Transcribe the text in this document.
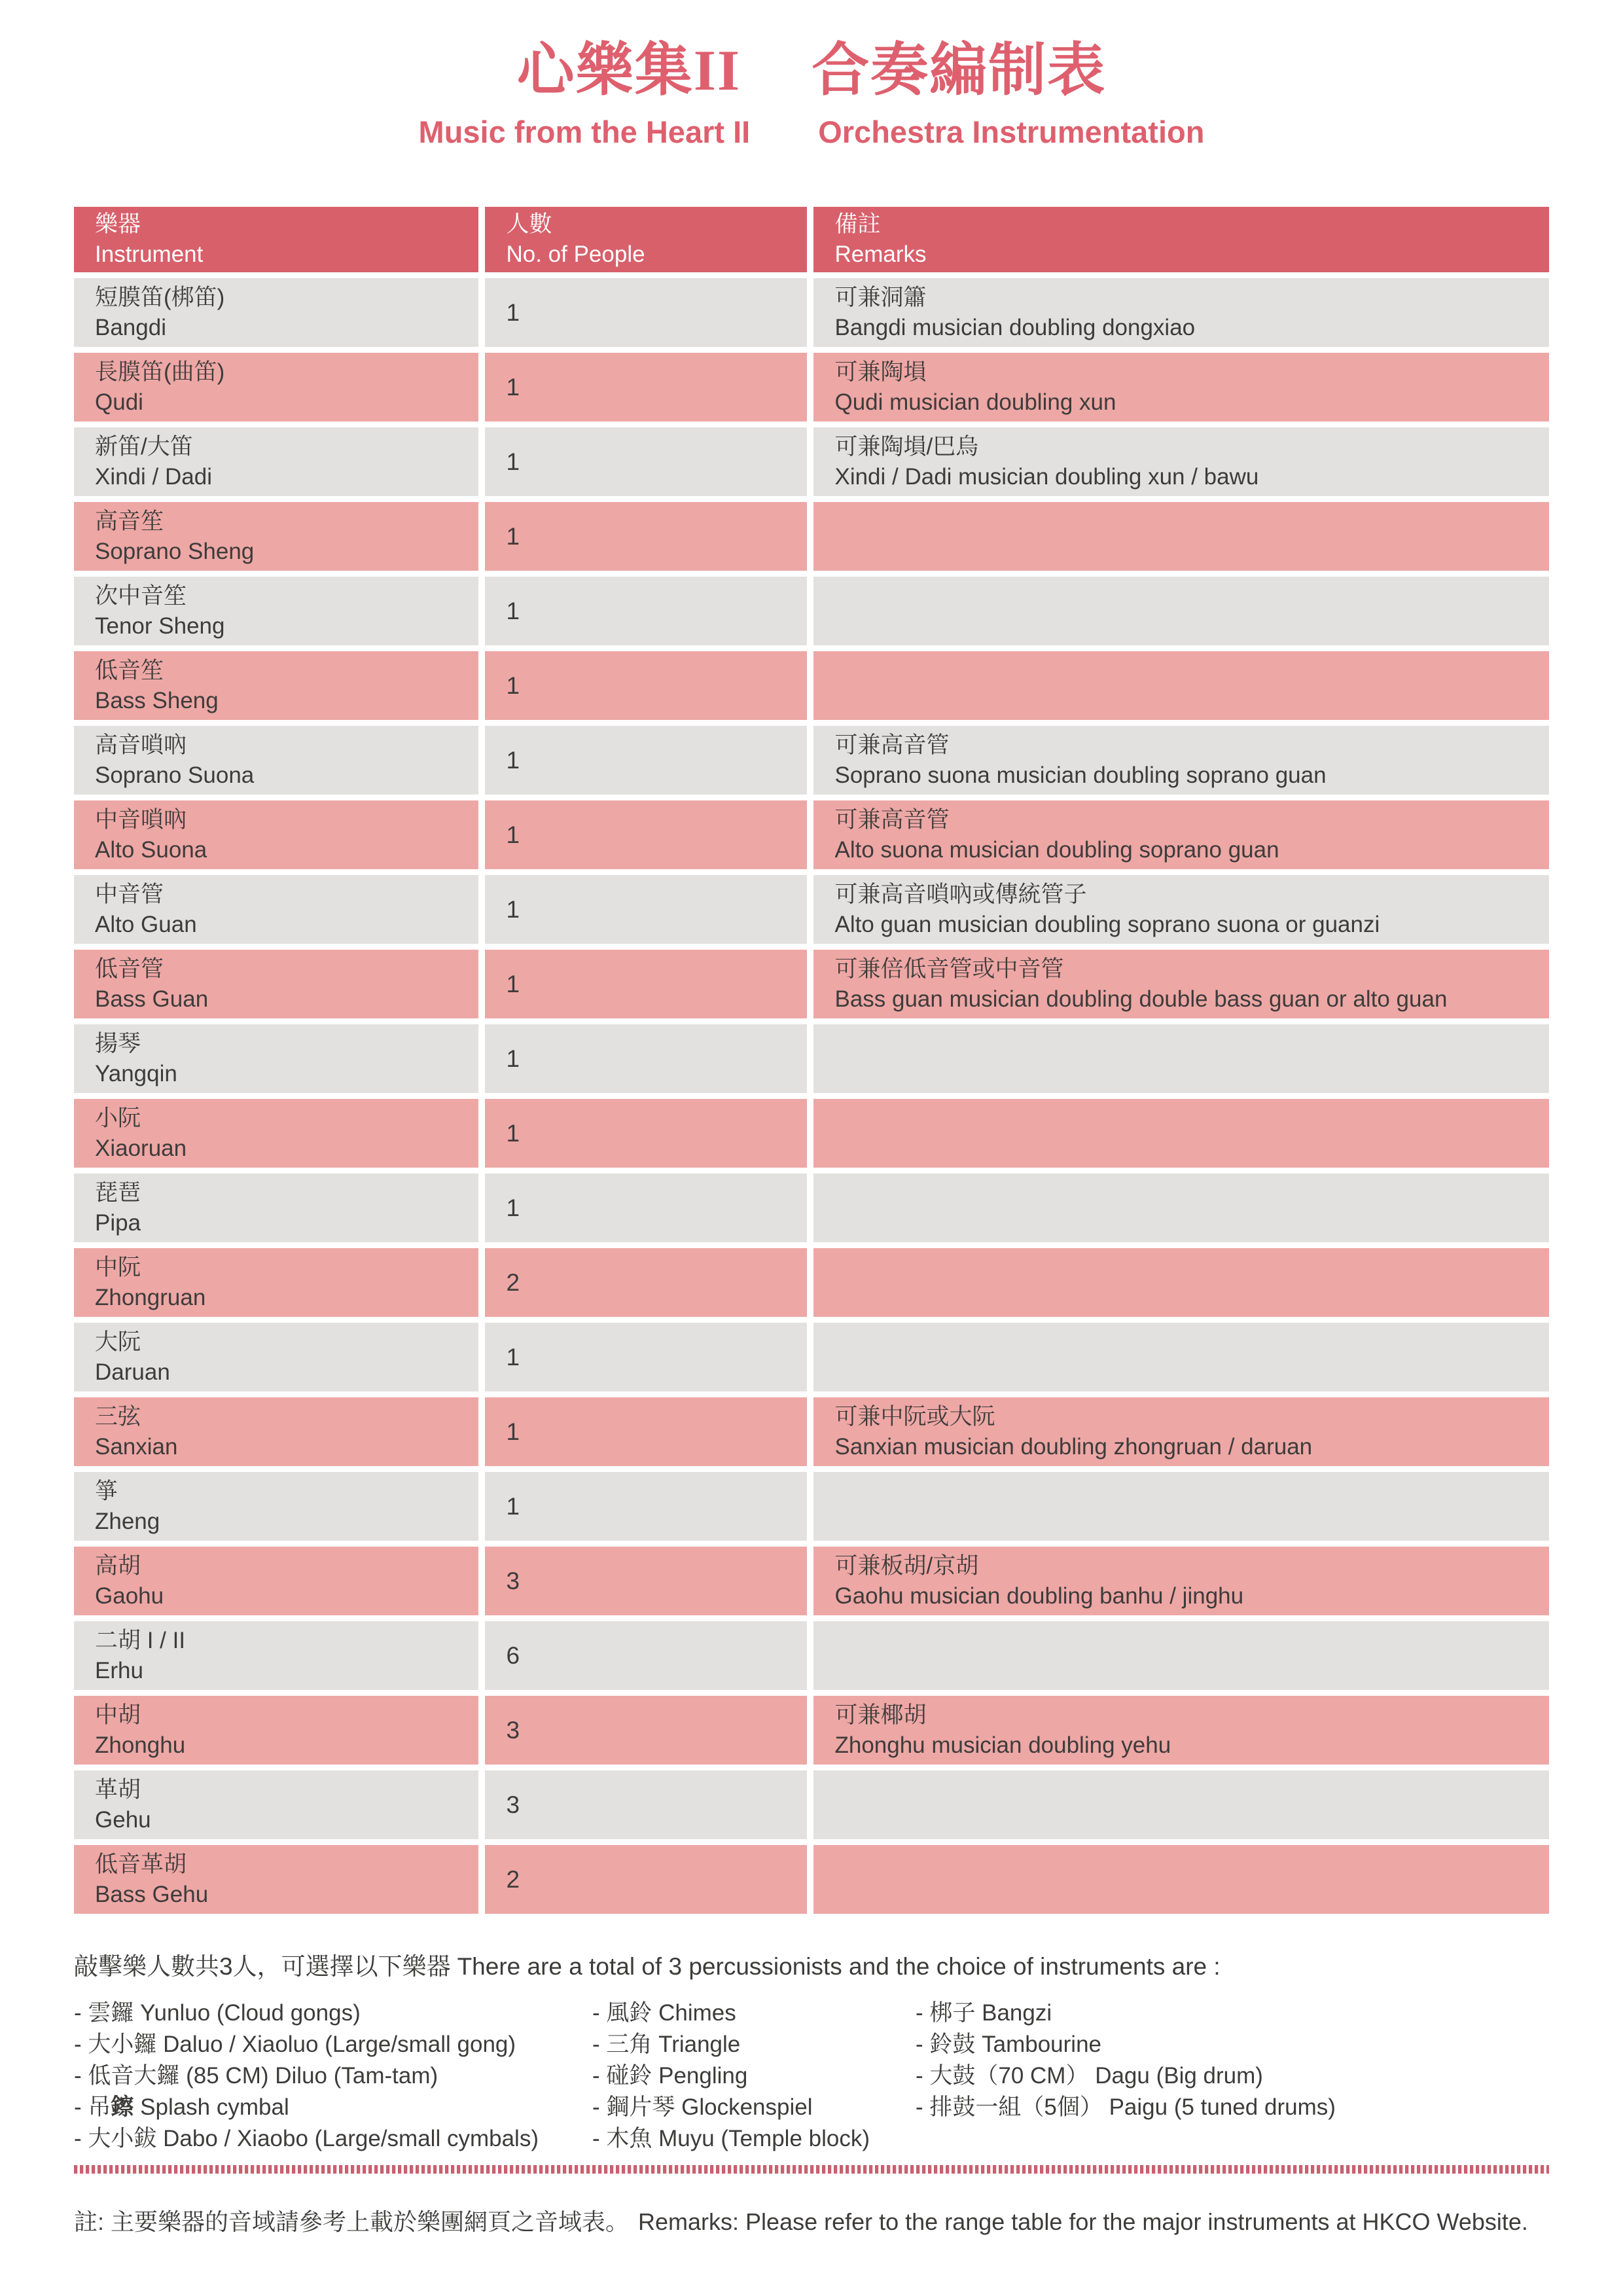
心樂集II 合奏編制表
Music from the Heart II Orchestra Instrumentation
樂器
Instrument
人數
No. of People
備註
Remarks
短膜笛(梆笛)
Bangdi
1
可兼洞簫
Bangdi musician doubling dongxiao
長膜笛(曲笛)
Qudi
1
可兼陶塤
Qudi musician doubling xun
新笛/大笛
Xindi / Dadi
1
可兼陶塤/巴烏
Xindi / Dadi musician doubling xun / bawu
高音笙
Soprano Sheng
1
次中音笙
Tenor Sheng
1
低音笙
Bass Sheng
1
高音嗩吶
Soprano Suona
1
可兼高音管
Soprano suona musician doubling soprano guan
中音嗩吶
Alto Suona
1
可兼高音管
Alto suona musician doubling soprano guan
中音管
Alto Guan
1
可兼高音嗩吶或傳統管子
Alto guan musician doubling soprano suona or guanzi
低音管
Bass Guan
1
可兼倍低音管或中音管
Bass guan musician doubling double bass guan or alto guan
揚琴
Yangqin
1
小阮
Xiaoruan
1
琵琶
Pipa
1
中阮
Zhongruan
2
大阮
Daruan
1
三弦
Sanxian
1
可兼中阮或大阮
Sanxian musician doubling zhongruan / daruan
箏
Zheng
1
高胡
Gaohu
3
可兼板胡/京胡
Gaohu musician doubling banhu / jinghu
二胡 I / II
Erhu
6
中胡
Zhonghu
3
可兼椰胡
Zhonghu musician doubling yehu
革胡
Gehu
3
低音革胡
Bass Gehu
2

敲擊樂人數共3人，可選擇以下樂器 There are a total of 3 percussionists and the choice of instruments are :

- 雲鑼 Yunluo (Cloud gongs)
- 大小鑼 Daluo / Xiaoluo (Large/small gong)
- 低音大鑼 (85 CM) Diluo (Tam-tam)
- 吊鑔 Splash cymbal
- 大小鈸 Dabo / Xiaobo (Large/small cymbals)
- 風鈴 Chimes
- 三角 Triangle
- 碰鈴 Pengling
- 鋼片琴 Glockenspiel
- 木魚 Muyu (Temple block)
- 梆子 Bangzi
- 鈴鼓 Tambourine
- 大鼓（70 CM） Dagu (Big drum)
- 排鼓一組（5個） Paigu (5 tuned drums)

註: 主要樂器的音域請參考上載於樂團網頁之音域表。 Remarks: Please refer to the range table for the major instruments at HKCO Website.
